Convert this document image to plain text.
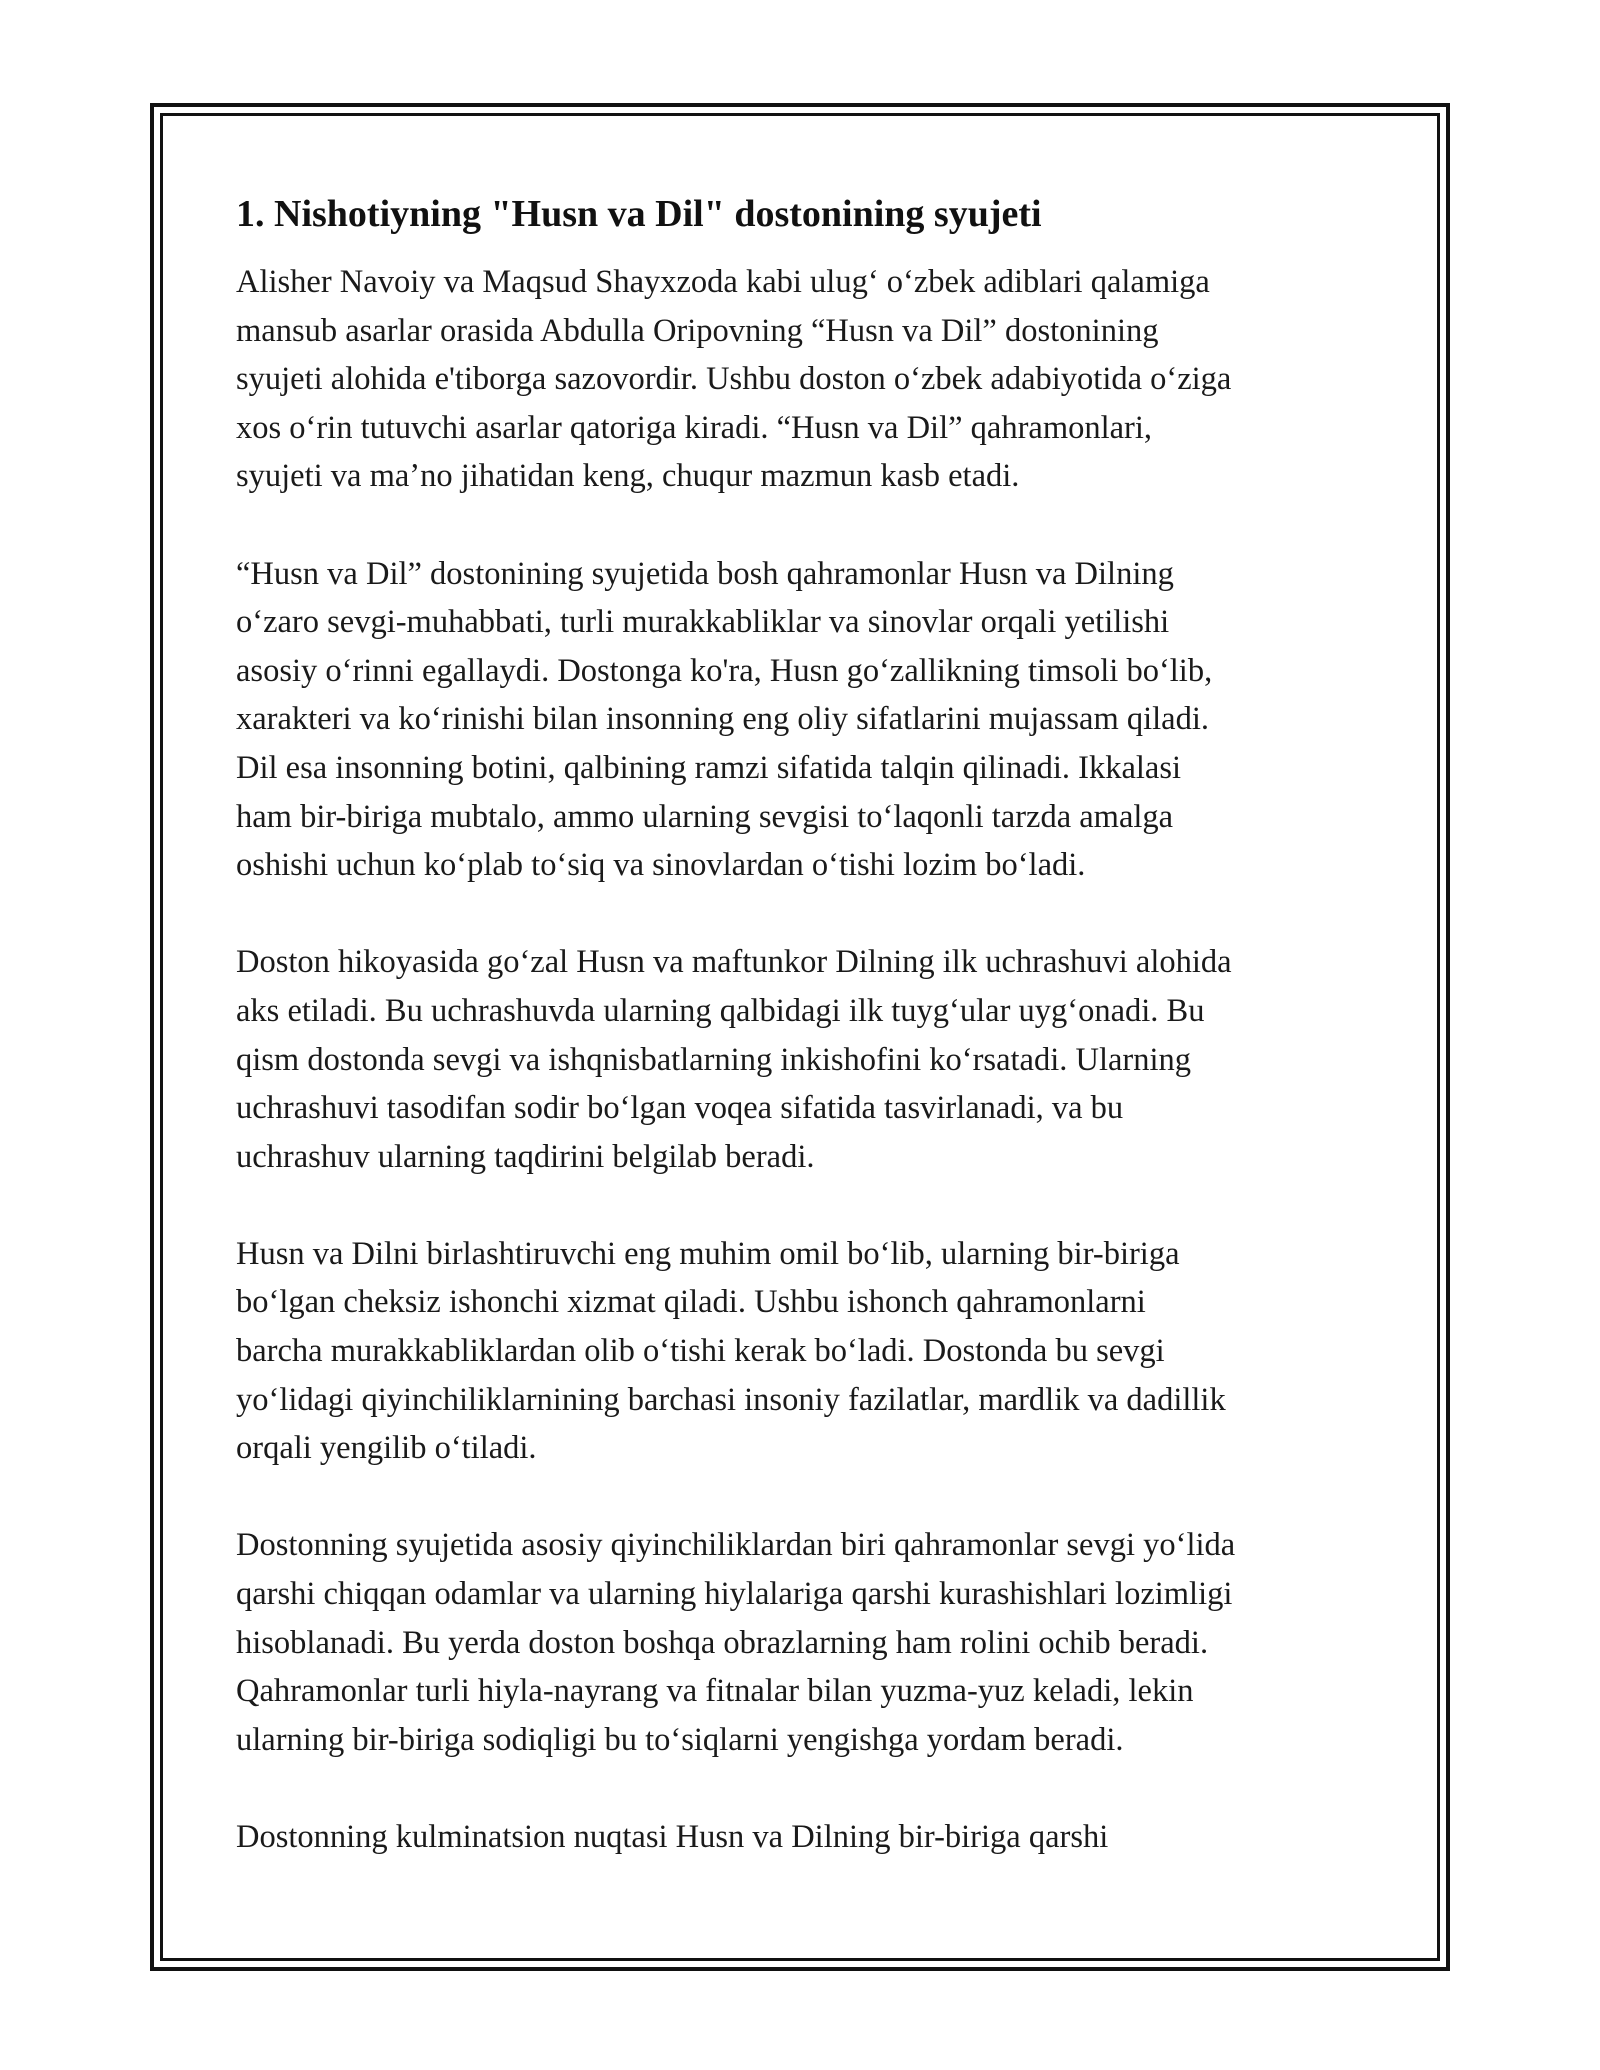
1. Nishotiyning "Husn va Dil" dostonining syujeti
Alisher Navoiy va Maqsud Shayxzoda kabi ulugʻ oʻzbek adiblari qalamiga
mansub asarlar orasida Abdulla Oripovning “Husn va Dil” dostonining
syujeti alohida e'tiborga sazovordir. Ushbu doston oʻzbek adabiyotida oʻziga
xos oʻrin tutuvchi asarlar qatoriga kiradi. “Husn va Dil” qahramonlari,
syujeti va maʼno jihatidan keng, chuqur mazmun kasb etadi.
“Husn va Dil” dostonining syujetida bosh qahramonlar Husn va Dilning
oʻzaro sevgi-muhabbati, turli murakkabliklar va sinovlar orqali yetilishi
asosiy oʻrinni egallaydi. Dostonga ko'ra, Husn goʻzallikning timsoli boʻlib,
xarakteri va koʻrinishi bilan insonning eng oliy sifatlarini mujassam qiladi.
Dil esa insonning botini, qalbining ramzi sifatida talqin qilinadi. Ikkalasi
ham bir-biriga mubtalo, ammo ularning sevgisi toʻlaqonli tarzda amalga
oshishi uchun koʻplab toʻsiq va sinovlardan oʻtishi lozim boʻladi.
Doston hikoyasida goʻzal Husn va maftunkor Dilning ilk uchrashuvi alohida
aks etiladi. Bu uchrashuvda ularning qalbidagi ilk tuygʻular uygʻonadi. Bu
qism dostonda sevgi va ishqnisbatlarning inkishofini koʻrsatadi. Ularning
uchrashuvi tasodifan sodir boʻlgan voqea sifatida tasvirlanadi, va bu
uchrashuv ularning taqdirini belgilab beradi.
Husn va Dilni birlashtiruvchi eng muhim omil boʻlib, ularning bir-biriga
boʻlgan cheksiz ishonchi xizmat qiladi. Ushbu ishonch qahramonlarni
barcha murakkabliklardan olib oʻtishi kerak boʻladi. Dostonda bu sevgi
yoʻlidagi qiyinchiliklarnining barchasi insoniy fazilatlar, mardlik va dadillik
orqali yengilib oʻtiladi.
Dostonning syujetida asosiy qiyinchiliklardan biri qahramonlar sevgi yoʻlida
qarshi chiqqan odamlar va ularning hiylalariga qarshi kurashishlari lozimligi
hisoblanadi. Bu yerda doston boshqa obrazlarning ham rolini ochib beradi.
Qahramonlar turli hiyla-nayrang va fitnalar bilan yuzma-yuz keladi, lekin
ularning bir-biriga sodiqligi bu toʻsiqlarni yengishga yordam beradi.
Dostonning kulminatsion nuqtasi Husn va Dilning bir-biriga qarshi
